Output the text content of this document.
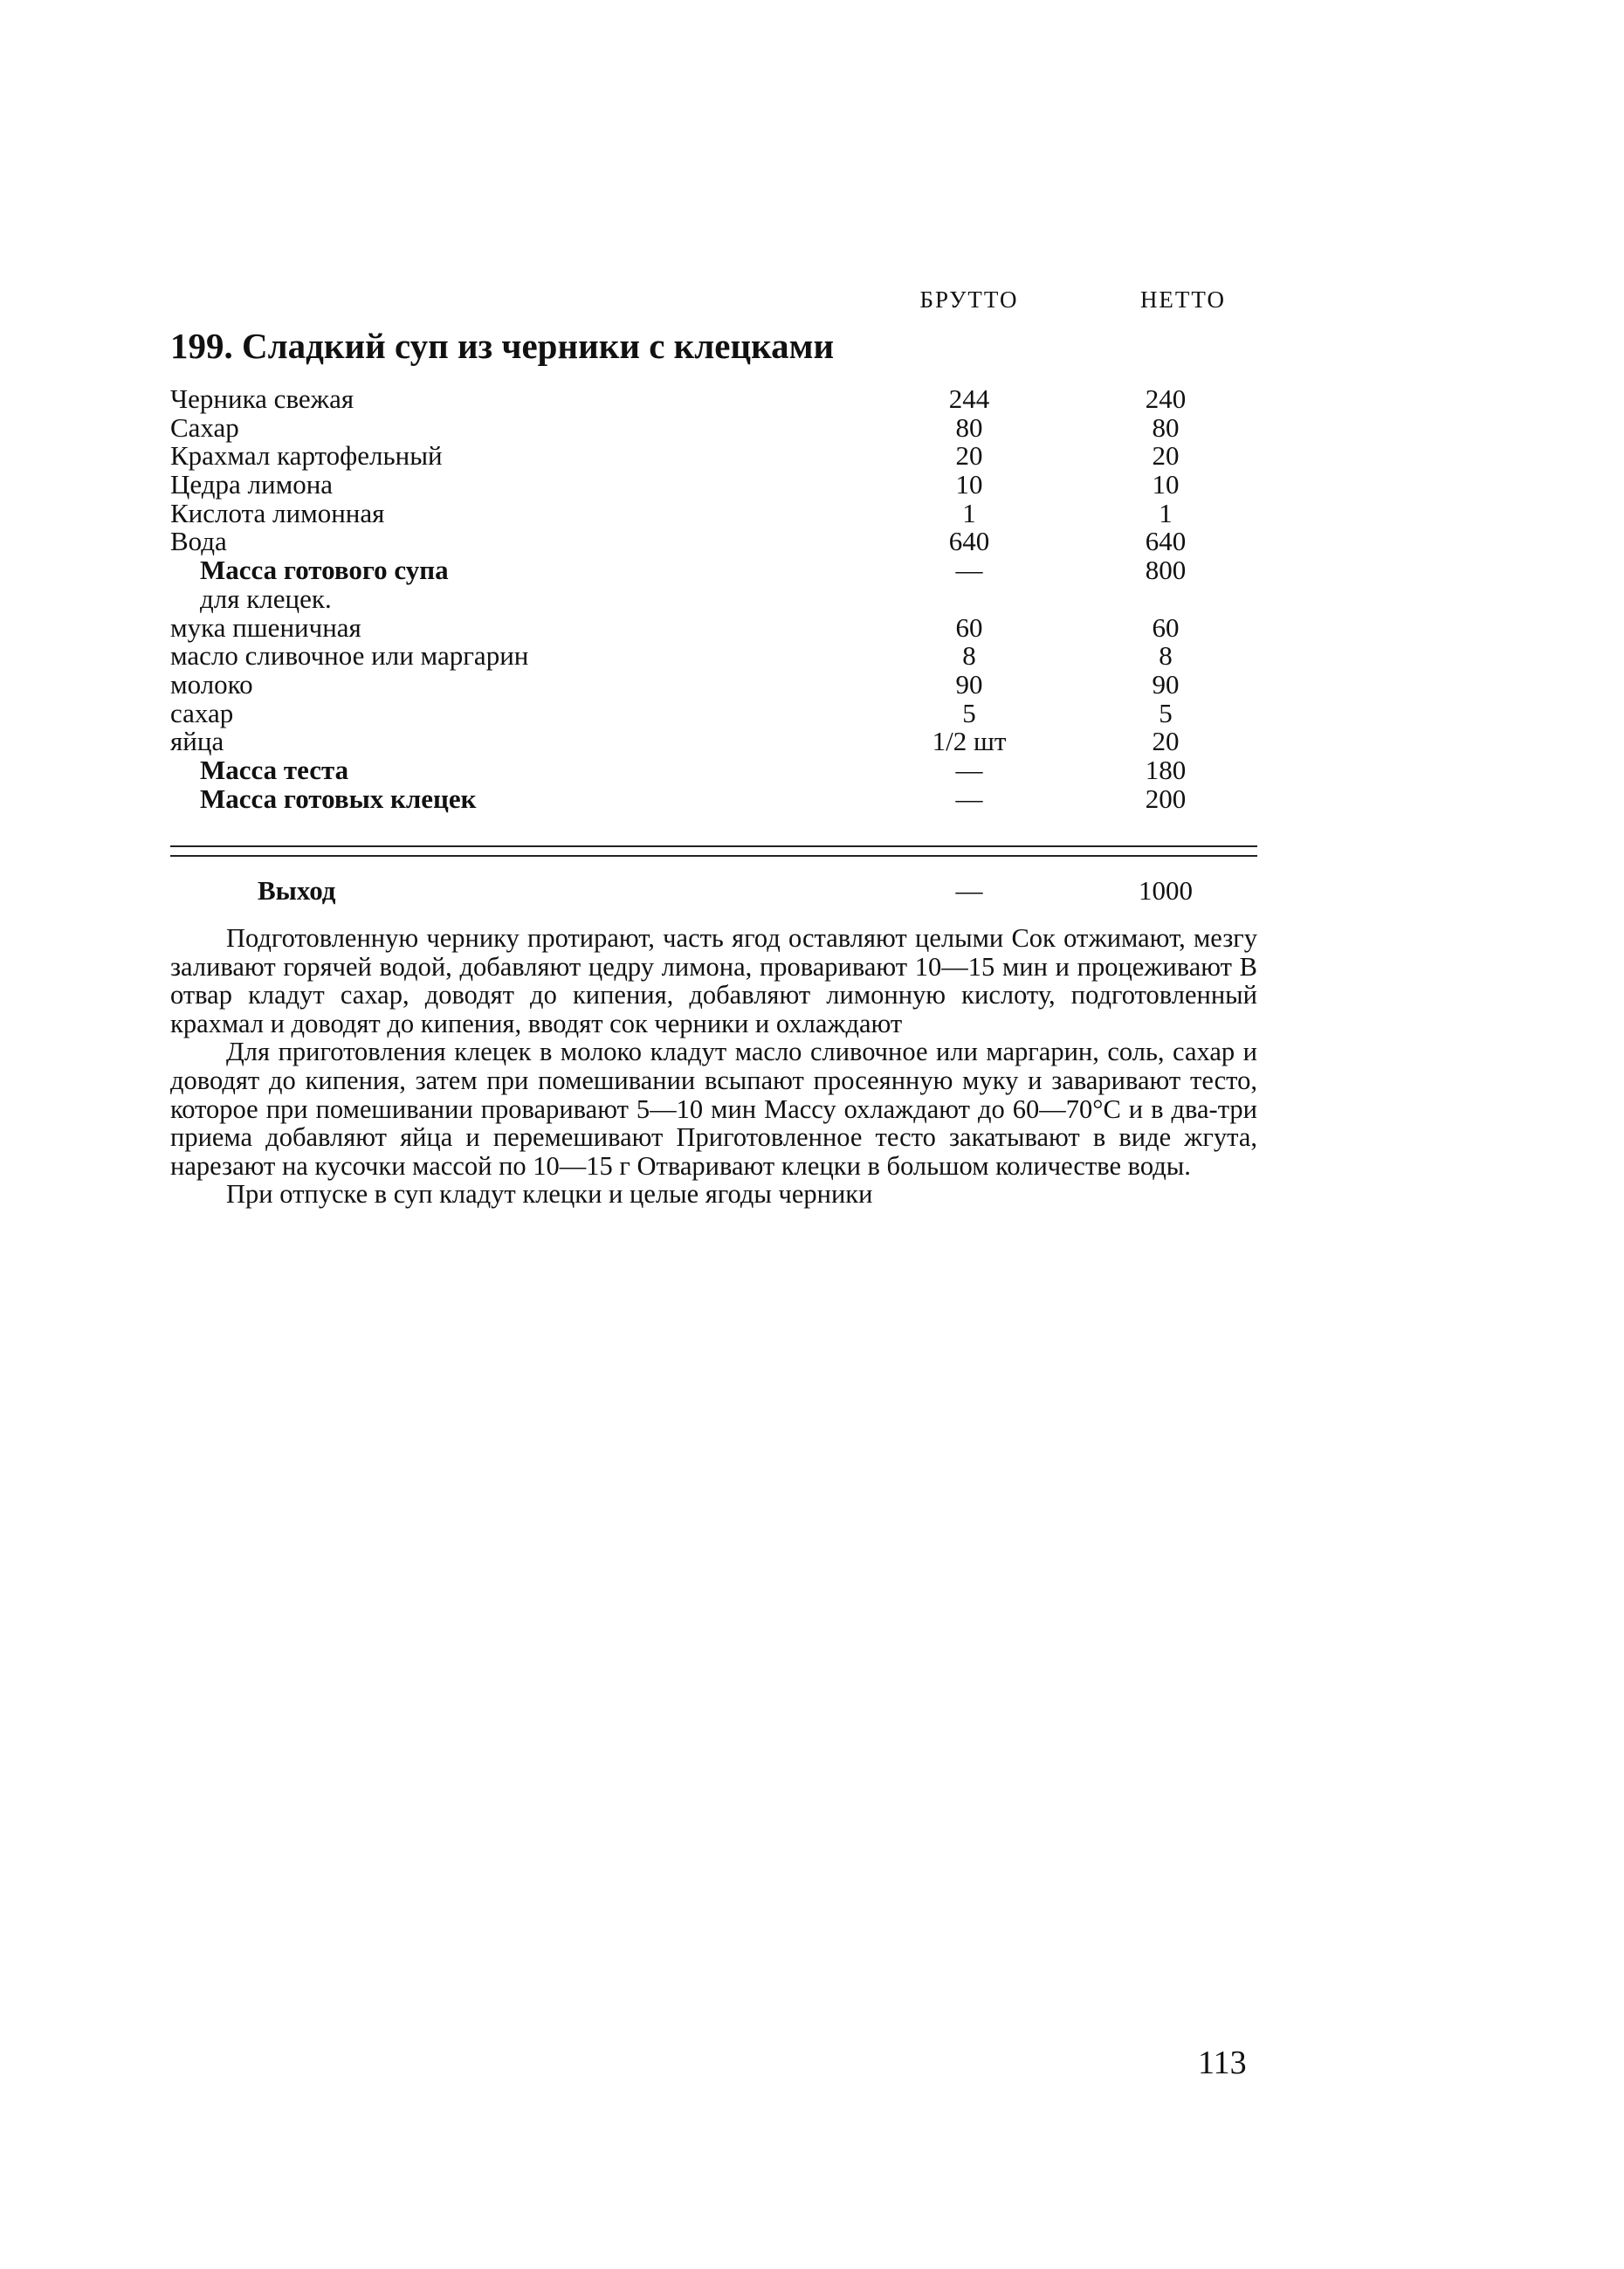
БРУТТО	НЕТТО
199. Сладкий суп из черники с клецками
Черника свежая	244	240
Сахар	80	80
Крахмал картофельный	20	20
Цедра лимона	10	10
Кислота лимонная	1	1
Вода	640	640
Масса готового супа	—	800
для клецек.
мука пшеничная	60	60
масло сливочное или маргарин	8	8
молоко	90	90
сахар	5	5
яйца	1/2 шт	20
Масса теста	—	180
Масса готовых клецек	—	200
Выход	—	1000

Подготовленную чернику протирают, часть ягод оставляют целыми Сок отжимают, мезгу заливают горячей водой, добавляют цедру лимона, проваривают 10—15 мин и процеживают В отвар кладут сахар, доводят до кипения, добавляют лимонную кислоту, подготовленный крахмал и доводят до кипения, вводят сок черники и охлаждают

Для приготовления клецек в молоко кладут масло сливочное или маргарин, соль, сахар и доводят до кипения, затем при помешивании всыпают просеянную муку и заваривают тесто, которое при помешивании проваривают 5—10 мин Массу охлаждают до 60—70°С и в два-три приема добавляют яйца и перемешивают Приготовленное тесто закатывают в виде жгута, нарезают на кусочки массой по 10—15 г Отваривают клецки в большом количестве воды.

При отпуске в суп кладут клецки и целые ягоды черники

113
